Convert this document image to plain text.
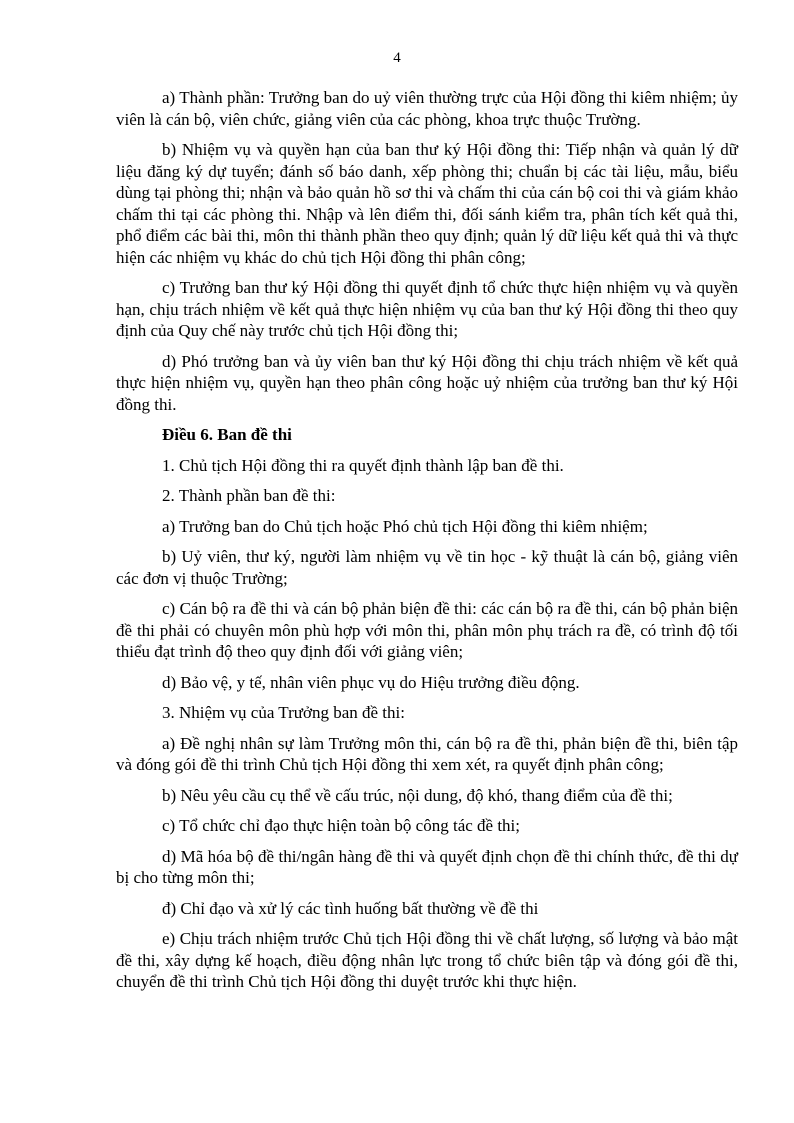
4

a) Thành phần: Trưởng ban do uỷ viên thường trực của Hội đồng thi kiêm nhiệm; ủy viên là cán bộ, viên chức, giảng viên của các phòng, khoa trực thuộc Trường.

b) Nhiệm vụ và quyền hạn của ban thư ký Hội đồng thi: Tiếp nhận và quản lý dữ liệu đăng ký dự tuyển; đánh số báo danh, xếp phòng thi; chuẩn bị các tài liệu, mẫu, biểu dùng tại phòng thi; nhận và bảo quản hồ sơ thi và chấm thi của cán bộ coi thi và giám khảo chấm thi tại các phòng thi. Nhập và lên điểm thi, đối sánh kiểm tra, phân tích kết quả thi, phổ điểm các bài thi, môn thi thành phần theo quy định; quản lý dữ liệu kết quả thi và thực hiện các nhiệm vụ khác do chủ tịch Hội đồng thi phân công;

c) Trưởng ban thư ký Hội đồng thi quyết định tổ chức thực hiện nhiệm vụ và quyền hạn, chịu trách nhiệm về kết quả thực hiện nhiệm vụ của ban thư ký Hội đồng thi theo quy định của Quy chế này trước chủ tịch Hội đồng thi;

d) Phó trưởng ban và ủy viên ban thư ký Hội đồng thi chịu trách nhiệm về kết quả thực hiện nhiệm vụ, quyền hạn theo phân công hoặc uỷ nhiệm của trưởng ban thư ký Hội đồng thi.

Điều 6. Ban đề thi

1. Chủ tịch Hội đồng thi ra quyết định thành lập ban đề thi.

2. Thành phần ban đề thi:

a) Trưởng ban do Chủ tịch hoặc Phó chủ tịch Hội đồng thi kiêm nhiệm;

b) Uỷ viên, thư ký, người làm nhiệm vụ về tin học - kỹ thuật là cán bộ, giảng viên các đơn vị thuộc Trường;

c) Cán bộ ra đề thi và cán bộ phản biện đề thi: các cán bộ ra đề thi, cán bộ phản biện đề thi phải có chuyên môn phù hợp với môn thi, phân môn phụ trách ra đề, có trình độ tối thiểu đạt trình độ theo quy định đối với giảng viên;

d) Bảo vệ, y tế, nhân viên phục vụ do Hiệu trưởng điều động.

3. Nhiệm vụ của Trưởng ban đề thi:

a) Đề nghị nhân sự làm Trưởng môn thi, cán bộ ra đề thi, phản biện đề thi, biên tập và đóng gói đề thi trình Chủ tịch Hội đồng thi xem xét, ra quyết định phân công;

b) Nêu yêu cầu cụ thể về cấu trúc, nội dung, độ khó, thang điểm của đề thi;

c) Tổ chức chỉ đạo thực hiện toàn bộ công tác đề thi;

d) Mã hóa bộ đề thi/ngân hàng đề thi và quyết định chọn đề thi chính thức, đề thi dự bị cho từng môn thi;

đ) Chỉ đạo và xử lý các tình huống bất thường về đề thi

e) Chịu trách nhiệm trước Chủ tịch Hội đồng thi về chất lượng, số lượng và bảo mật đề thi, xây dựng kế hoạch, điều động nhân lực trong tổ chức biên tập và đóng gói đề thi, chuyển đề thi trình Chủ tịch Hội đồng thi duyệt trước khi thực hiện.
